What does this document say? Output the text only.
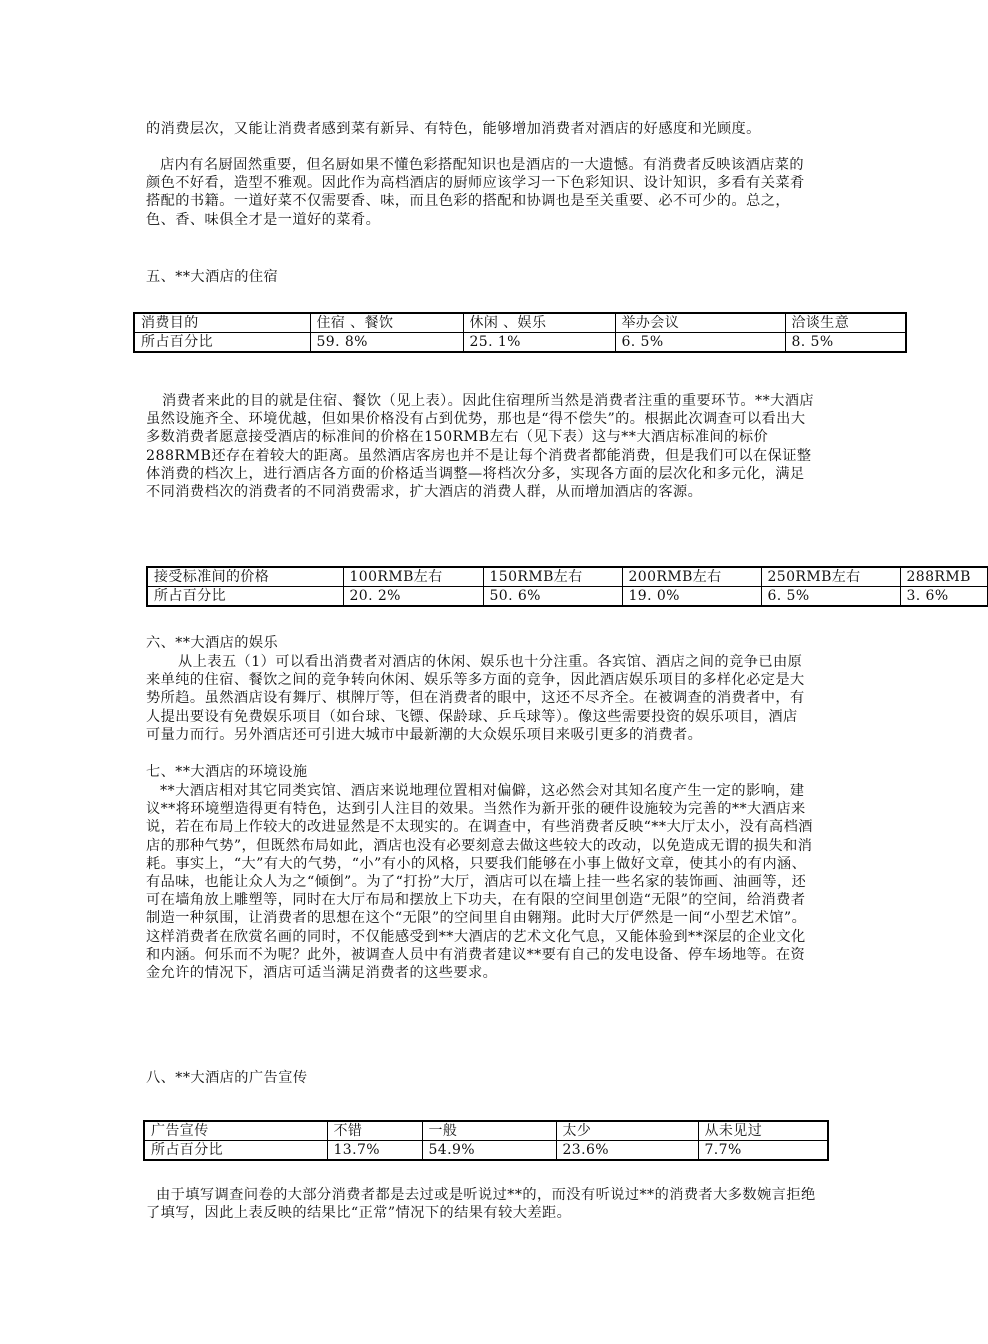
的消费层次，又能让消费者感到菜有新异、有特色，能够增加消费者对酒店的好感度和光顾度。

店内有名厨固然重要，但名厨如果不懂色彩搭配知识也是酒店的一大遗憾。有消费者反映该酒店菜的颜色不好看，造型不雅观。因此作为高档酒店的厨师应该学习一下色彩知识、设计知识，多看有关菜肴搭配的书籍。一道好菜不仅需要香、味，而且色彩的搭配和协调也是至关重要、必不可少的。总之，色、香、味俱全才是一道好的菜肴。

五、**大酒店的住宿

消费目的	住宿 、餐饮	休闲 、娱乐	举办会议	洽谈生意
所占百分比	59. 8%	25. 1%	6. 5%	8. 5%

消费者来此的目的就是住宿、餐饮（见上表）。因此住宿理所当然是消费者注重的重要环节。**大酒店虽然设施齐全、环境优越，但如果价格没有占到优势，那也是“得不偿失”的。根据此次调查可以看出大多数消费者愿意接受酒店的标准间的价格在150RMB左右（见下表）这与**大酒店标准间的标价288RMB还存在着较大的距离。虽然酒店客房也并不是让每个消费者都能消费，但是我们可以在保证整体消费的档次上，进行酒店各方面的价格适当调整—将档次分多，实现各方面的层次化和多元化，满足不同消费档次的消费者的不同消费需求，扩大酒店的消费人群，从而增加酒店的客源。

接受标准间的价格	100RMB左右	150RMB左右	200RMB左右	250RMB左右	288RMB
所占百分比	20. 2%	50. 6%	19. 0%	6. 5%	3. 6%

六、**大酒店的娱乐

从上表五（1）可以看出消费者对酒店的休闲、娱乐也十分注重。各宾馆、酒店之间的竞争已由原来单纯的住宿、餐饮之间的竞争转向休闲、娱乐等多方面的竞争，因此酒店娱乐项目的多样化必定是大势所趋。虽然酒店设有舞厅、棋牌厅等，但在消费者的眼中，这还不尽齐全。在被调查的消费者中，有人提出要设有免费娱乐项目（如台球、飞镖、保龄球、乒乓球等）。像这些需要投资的娱乐项目，酒店可量力而行。另外酒店还可引进大城市中最新潮的大众娱乐项目来吸引更多的消费者。

七、**大酒店的环境设施

**大酒店相对其它同类宾馆、酒店来说地理位置相对偏僻，这必然会对其知名度产生一定的影响，建议**将环境塑造得更有特色，达到引人注目的效果。当然作为新开张的硬件设施较为完善的**大酒店来说，若在布局上作较大的改进显然是不太现实的。在调查中，有些消费者反映“**大厅太小，没有高档酒店的那种气势”，但既然布局如此，酒店也没有必要刻意去做这些较大的改动，以免造成无谓的损失和消耗。事实上，“大”有大的气势，“小”有小的风格，只要我们能够在小事上做好文章，使其小的有内涵、有品味，也能让众人为之“倾倒”。为了“打扮”大厅，酒店可以在墙上挂一些名家的装饰画、油画等，还可在墙角放上雕塑等，同时在大厅布局和摆放上下功夫，在有限的空间里创造“无限”的空间，给消费者制造一种氛围，让消费者的思想在这个“无限”的空间里自由翱翔。此时大厅俨然是一间“小型艺术馆”。这样消费者在欣赏名画的同时，不仅能感受到**大酒店的艺术文化气息，又能体验到**深层的企业文化和内涵。何乐而不为呢？此外，被调查人员中有消费者建议**要有自己的发电设备、停车场地等。在资金允许的情况下，酒店可适当满足消费者的这些要求。

八、**大酒店的广告宣传

广告宣传	不错	一般	太少	从未见过
所占百分比	13.7%	54.9%	23.6%	7.7%

由于填写调查问卷的大部分消费者都是去过或是听说过**的，而没有听说过**的消费者大多数婉言拒绝了填写，因此上表反映的结果比“正常”情况下的结果有较大差距。
